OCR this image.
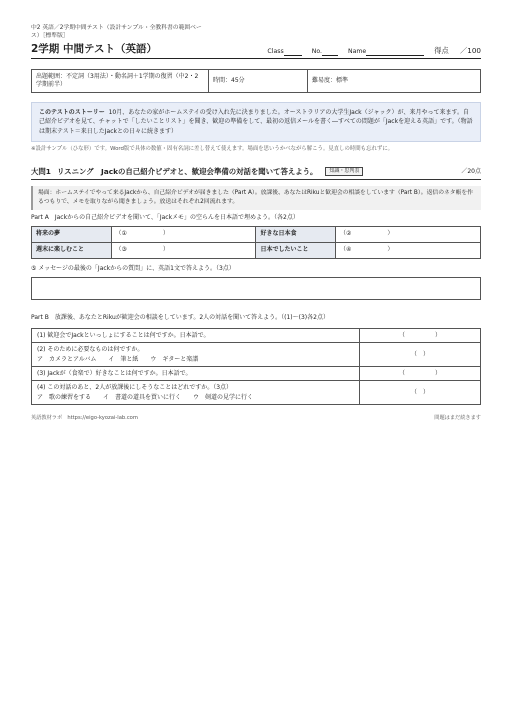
中2 英語／2学期中間テスト（設計サンプル・全教科書の範囲ベー
ス）［標準版］
2学期 中間テスト（英語）	Class	No.	Name	得点 ／100
出題範囲：不定詞（3用法）・動名詞＋1学期の復習（中2・2学期前半）	時間：45分	難易度：標準
このテストのストーリー 10月、あなたの家がホームステイの受け入れ先に決まりました。オーストラリアの大学生Jack（ジャック）が、来月やって来ます。自己紹介ビデオを見て、チャットで「したいことリスト」を聞き、歓迎の準備をして、最初の返信メールを書く―すべての問題が「Jackを迎える英語」です。（物語は期末テスト＝来日したJackとの日々に続きます）
※設計サンプル（ひな形）です。Word版で具体の数値・固有名詞に差し替えて使えます。場面を思いうかべながら解こう。見直しの時間も忘れずに。
大問1 リスニング　Jackの自己紹介ビデオと、歓迎会準備の対話を聞いて答えよう。	知識・思判表	／20点
場面：ホームステイでやって来るJackから、自己紹介ビデオが届きました（Part A）。放課後、あなたはRikuと歓迎会の相談をしています（Part B）。返信のネタ帳を作るつもりで、メモを取りながら聞きましょう。放送はそれぞれ2回流れます。
Part A　Jackからの自己紹介ビデオを聞いて、「Jackメモ」の空らんを日本語で埋めよう。（各2点）
将来の夢	（①　　　　　　）	好きな日本食	（②　　　　　　）
週末に楽しむこと	（③　　　　　　）	日本でしたいこと	（④　　　　　　）
⑤ メッセージの最後の「Jackからの質問」に、英語1文で答えよう。（3点）
Part B　放課後、あなたとRikuが歓迎会の相談をしています。2人の対話を聞いて答えよう。（(1)～(3)各2点）
(1) 歓迎会でJackといっしょにすることは何ですか。日本語で。	（　　　　　）

(2) そのために必要なものは何ですか。
ア　カメラとアルバム イ　筆と紙 ウ　ギターと楽譜	（　）

(3) Jackが（食楽で）好きなことは何ですか。日本語で。	（　　　　　）

(4) この対話のあと、2人が放課後にしそうなことはどれですか。（3点）
ア　歌の練習をする イ　書道の道具を買いに行く ウ　剣道の見学に行く	（　）
英語教材ラボ　https://eigo-kyozai-lab.com	問題はまだ続きます
